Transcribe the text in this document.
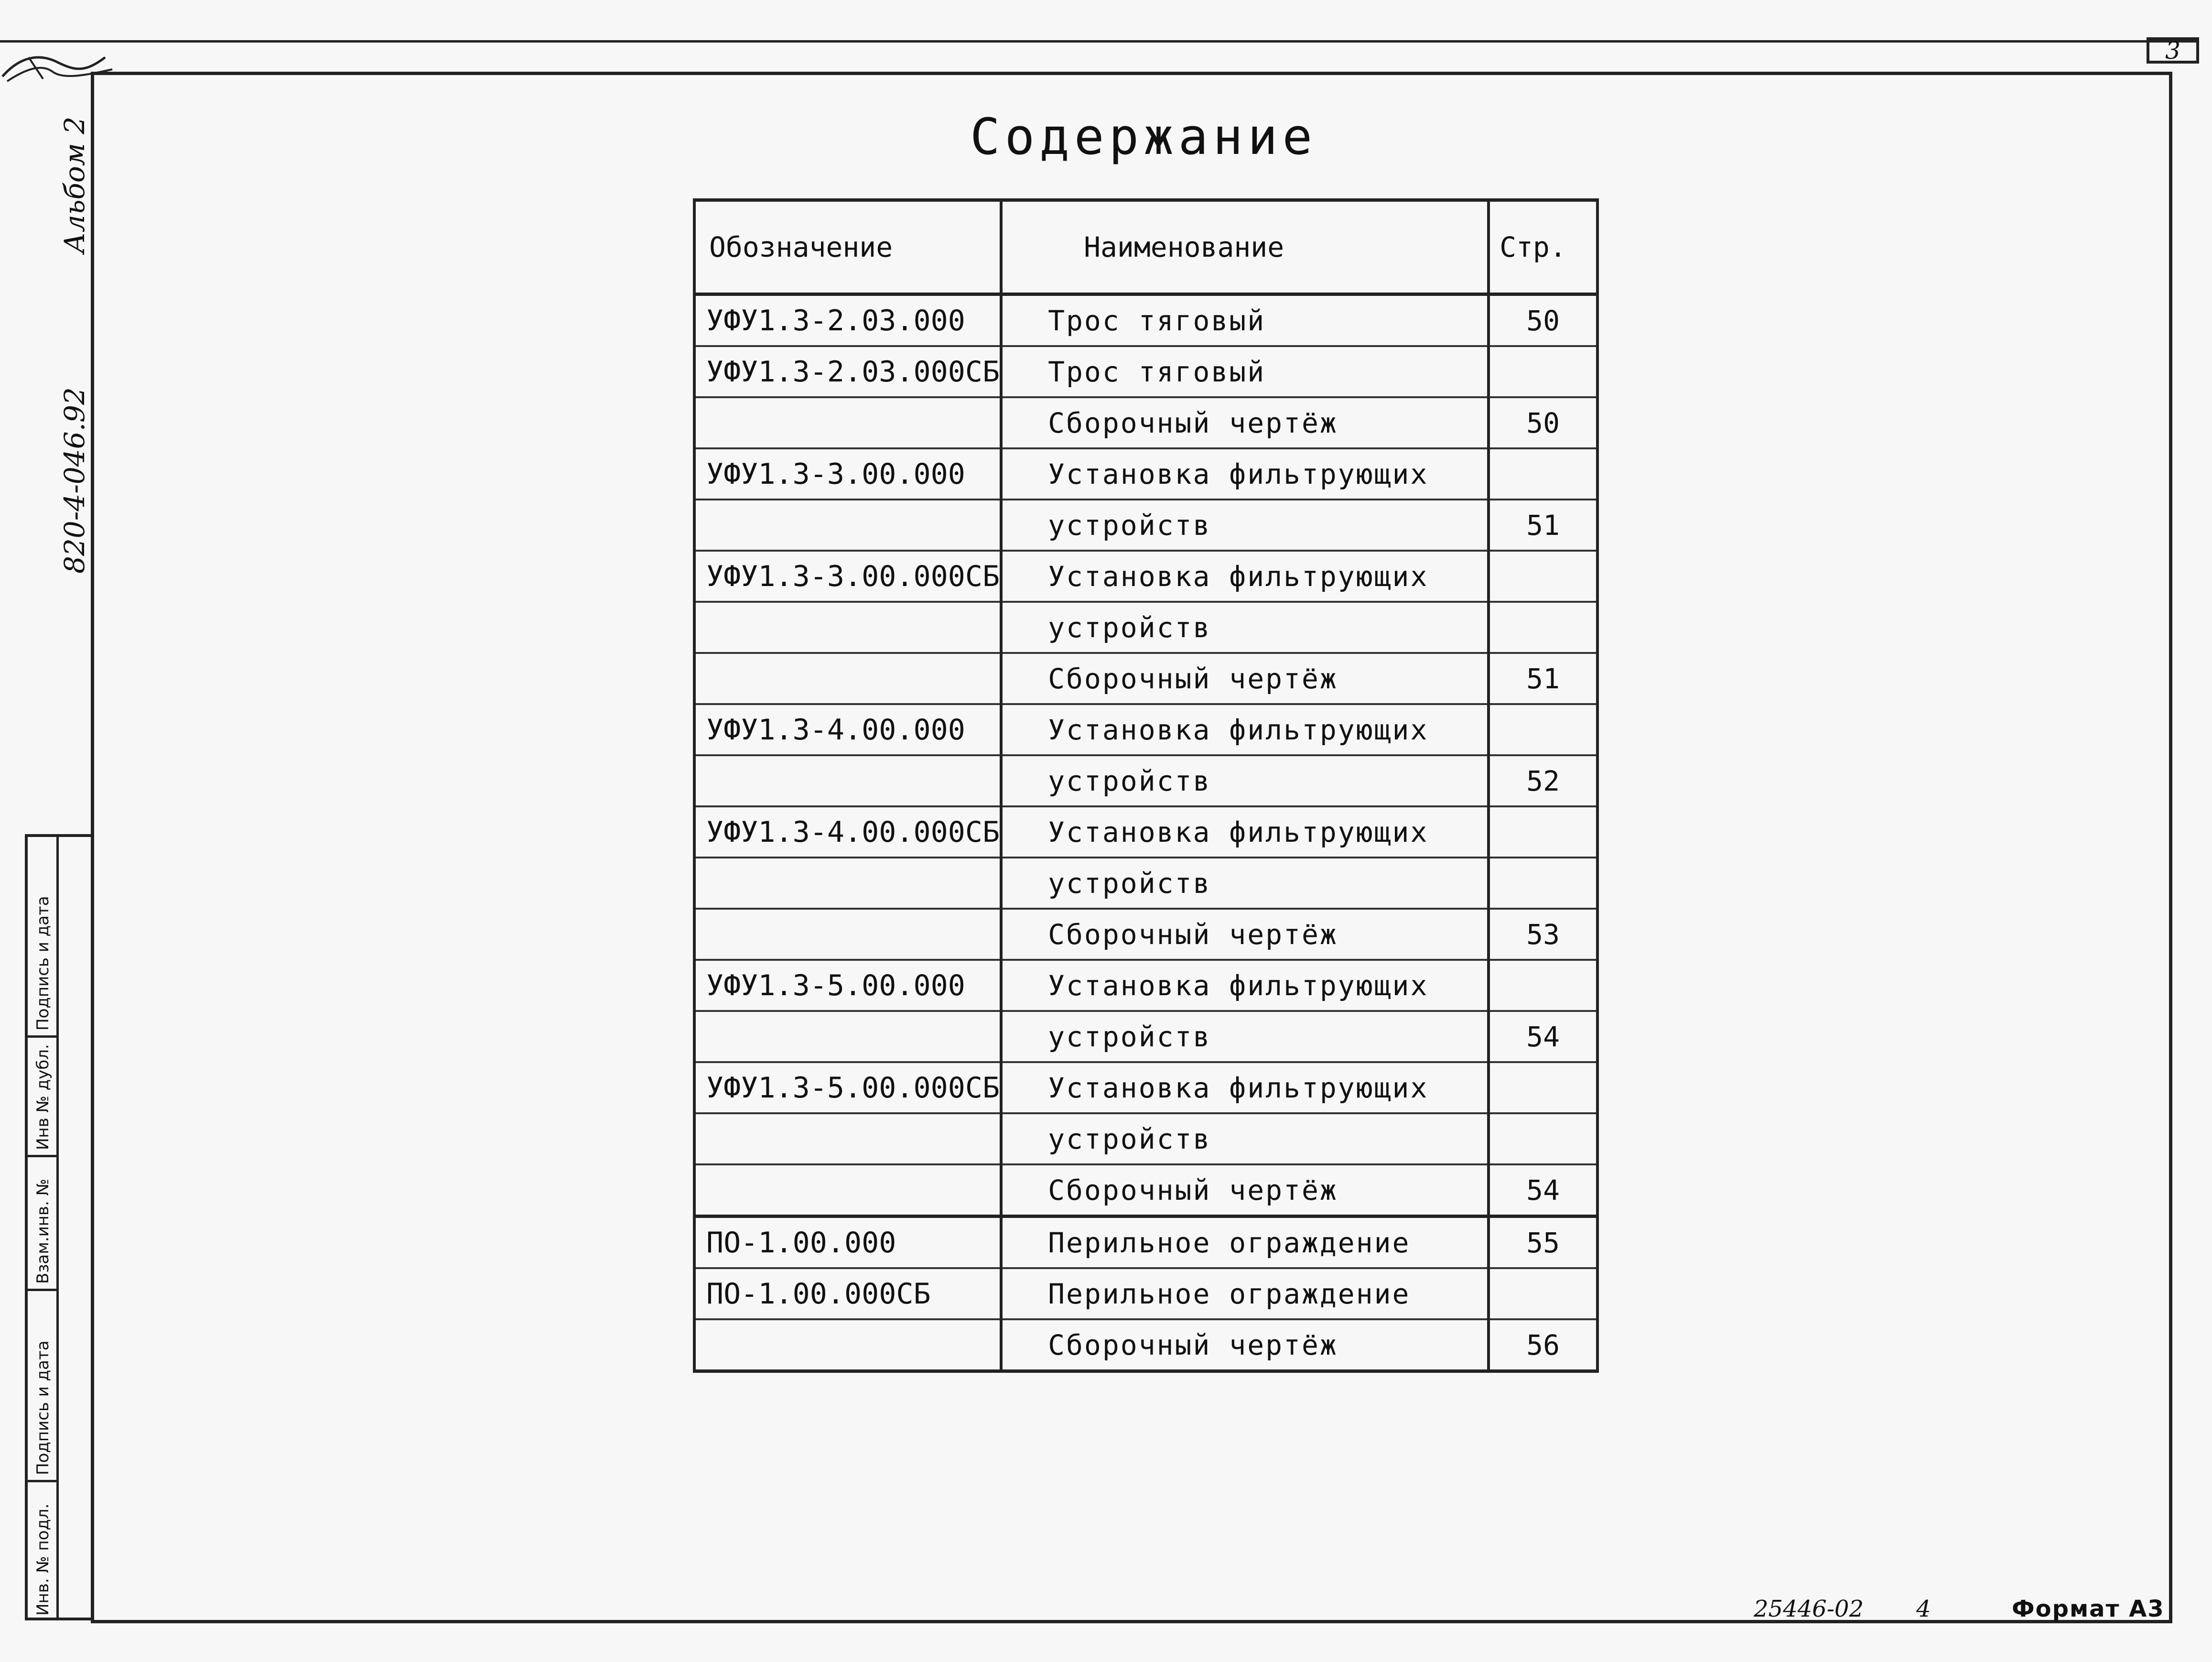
3
Альбом 2
820-4-046.92
Подпись и дата
Инв № дубл.
Взам.инв. №
Подпись и дата
Инв. № подл.
Содержание
Обозначение	Наименование	Стр.
УФУ1.3-2.03.000	Трос тяговый	50
УФУ1.3-2.03.000СБ	Трос тяговый	
	Сборочный чертёж	50
УФУ1.3-3.00.000	Установка фильтрующих	
	устройств	51
УФУ1.3-3.00.000СБ	Установка фильтрующих	
	устройств	
	Сборочный чертёж	51
УФУ1.3-4.00.000	Установка фильтрующих	
	устройств	52
УФУ1.3-4.00.000СБ	Установка фильтрующих	
	устройств	
	Сборочный чертёж	53
УФУ1.3-5.00.000	Установка фильтрующих	
	устройств	54
УФУ1.3-5.00.000СБ	Установка фильтрующих	
	устройств	
	Сборочный чертёж	54
ПО-1.00.000	Перильное ограждение	55
ПО-1.00.000СБ	Перильное ограждение	
	Сборочный чертёж	56
25446-02 4	Формат А3
